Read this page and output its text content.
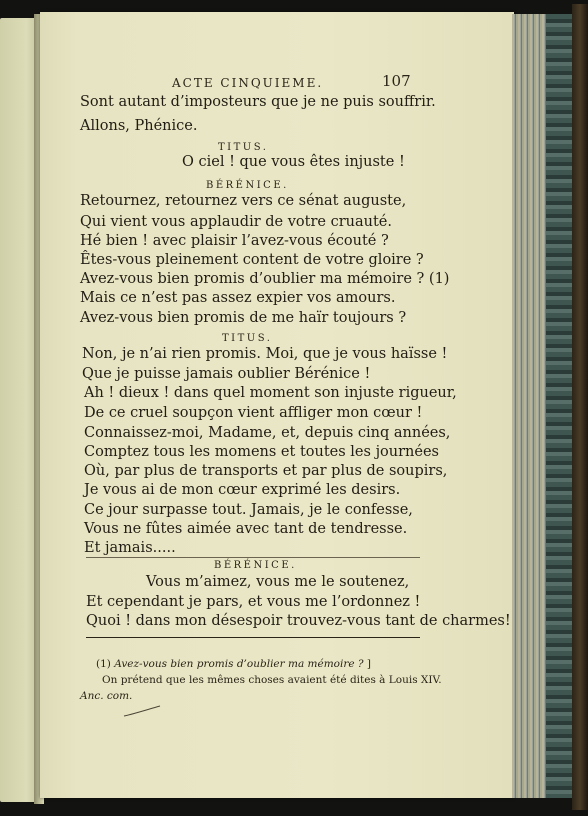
ACTE CINQUIEME.	107
Sont autant d’imposteurs que je ne puis souffrir.
Allons, Phénice.
TITUS.
O ciel ! que vous êtes injuste !
BÉRÉNICE.
Retournez, retournez vers ce sénat auguste,
Qui vient vous applaudir de votre cruauté.
Hé bien ! avec plaisir l’avez-vous écouté ?
Êtes-vous pleinement content de votre gloire ?
Avez-vous bien promis d’oublier ma mémoire ? (1)
Mais ce n’est pas assez expier vos amours.
Avez-vous bien promis de me haïr toujours ?
TITUS.
Non, je n’ai rien promis. Moi, que je vous haïsse !
Que je puisse jamais oublier Bérénice !
Ah ! dieux ! dans quel moment son injuste rigueur,
De ce cruel soupçon vient affliger mon cœur !
Connaissez-moi, Madame, et, depuis cinq années,
Comptez tous les momens et toutes les journées
Où, par plus de transports et par plus de soupirs,
Je vous ai de mon cœur exprimé les desirs.
Ce jour surpasse tout. Jamais, je le confesse,
Vous ne fûtes aimée avec tant de tendresse.
Et jamais.....
BÉRÉNICE.
Vous m’aimez, vous me le soutenez,
Et cependant je pars, et vous me l’ordonnez !
Quoi ! dans mon désespoir trouvez-vous tant de charmes!
(1) Avez-vous bien promis d’oublier ma mémoire ? ]
On prétend que les mêmes choses avaient été dites à Louis XIV.
Anc. com.
